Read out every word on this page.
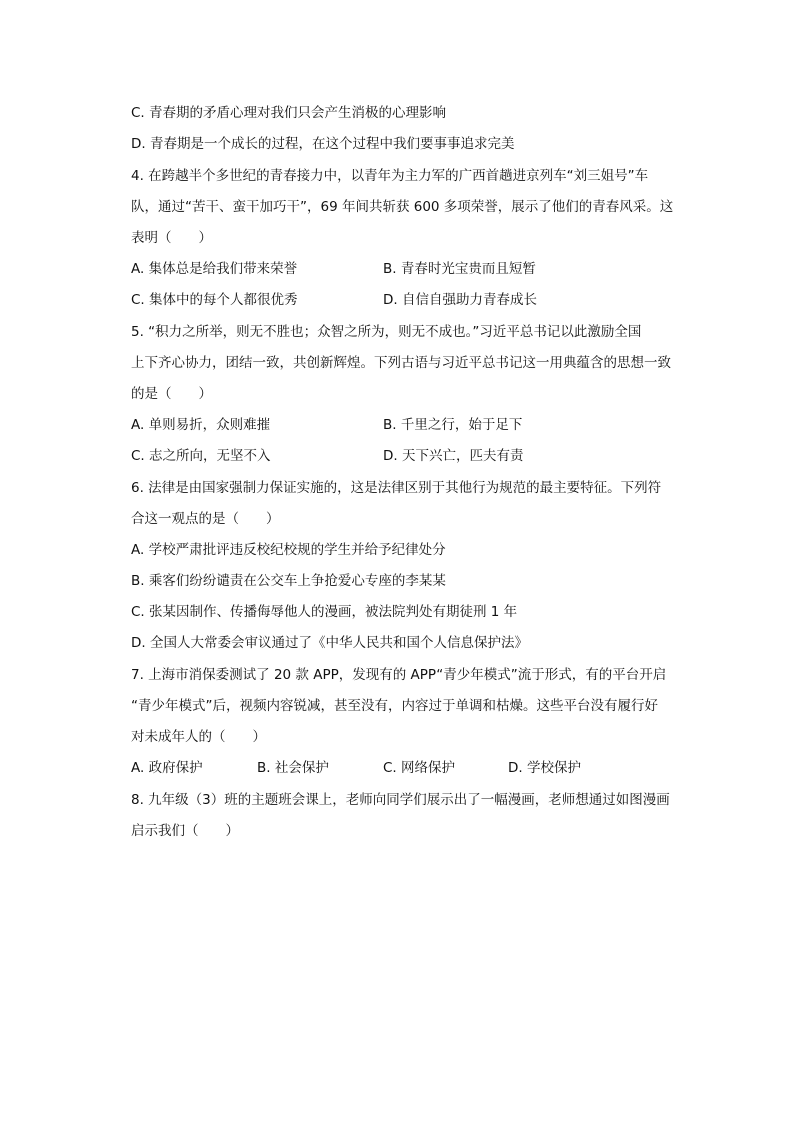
C. 青春期的矛盾心理对我们只会产生消极的心理影响

D. 青春期是一个成长的过程，在这个过程中我们要事事追求完美

4. 在跨越半个多世纪的青春接力中，以青年为主力军的广西首趟进京列车“刘三姐号”车

队，通过“苦干、蛮干加巧干”，69 年间共斩获 600 多项荣誉，展示了他们的青春风采。这

表明（　　）

A. 集体总是给我们带来荣誉	B. 青春时光宝贵而且短暂

C. 集体中的每个人都很优秀	D. 自信自强助力青春成长

5. “积力之所举，则无不胜也；众智之所为，则无不成也。”习近平总书记以此激励全国

上下齐心协力，团结一致，共创新辉煌。下列古语与习近平总书记这一用典蕴含的思想一致

的是（　　）

A. 单则易折，众则难摧	B. 千里之行，始于足下

C. 志之所向，无坚不入	D. 天下兴亡，匹夫有责

6. 法律是由国家强制力保证实施的，这是法律区别于其他行为规范的最主要特征。下列符

合这一观点的是（　　）

A. 学校严肃批评违反校纪校规的学生并给予纪律处分

B. 乘客们纷纷谴责在公交车上争抢爱心专座的李某某

C. 张某因制作、传播侮辱他人的漫画，被法院判处有期徒刑 1 年

D. 全国人大常委会审议通过了《中华人民共和国个人信息保护法》

7. 上海市消保委测试了 20 款 APP，发现有的 APP“青少年模式”流于形式，有的平台开启

“青少年模式”后，视频内容锐减，甚至没有，内容过于单调和枯燥。这些平台没有履行好

对未成年人的（　　）

A. 政府保护	B. 社会保护	C. 网络保护	D. 学校保护

8. 九年级（3）班的主题班会课上，老师向同学们展示出了一幅漫画，老师想通过如图漫画

启示我们（　　）
